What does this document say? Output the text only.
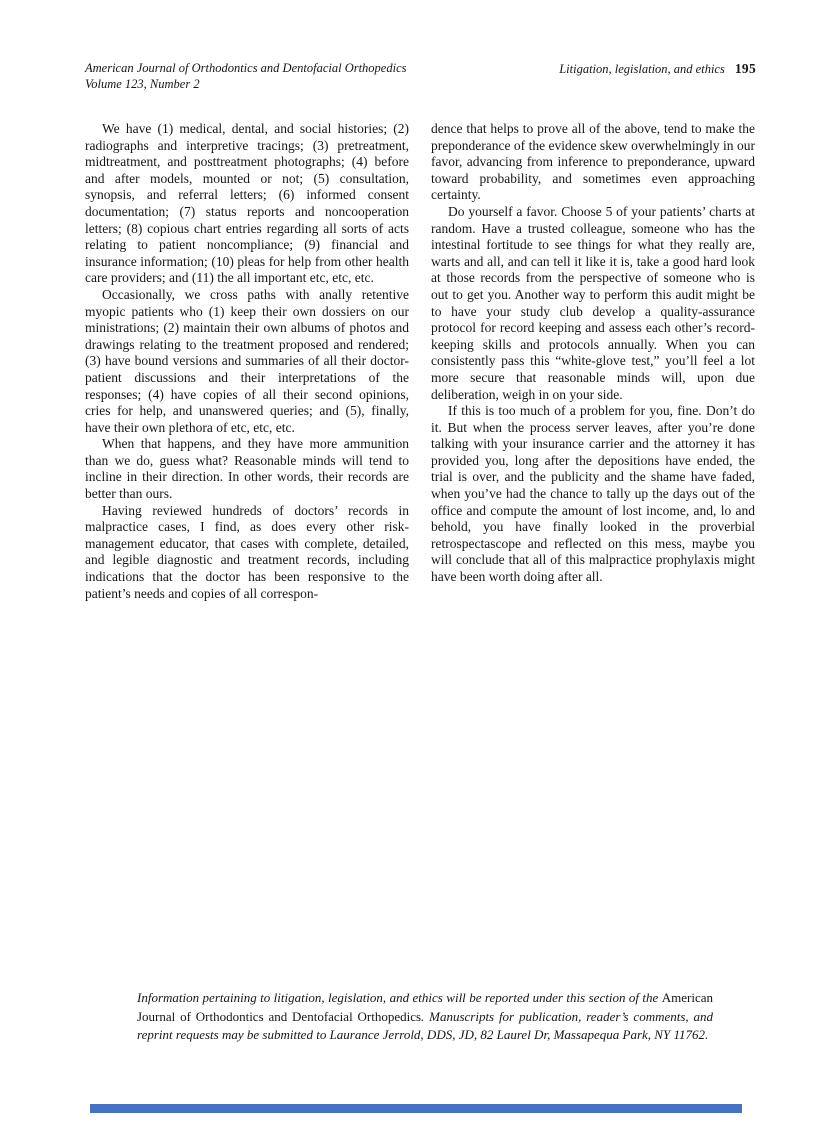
American Journal of Orthodontics and Dentofacial Orthopedics
Volume 123, Number 2
Litigation, legislation, and ethics 195

We have (1) medical, dental, and social histories; (2) radiographs and interpretive tracings; (3) pretreatment, midtreatment, and posttreatment photographs; (4) before and after models, mounted or not; (5) consultation, synopsis, and referral letters; (6) informed consent documentation; (7) status reports and noncooperation letters; (8) copious chart entries regarding all sorts of acts relating to patient noncompliance; (9) financial and insurance information; (10) pleas for help from other health care providers; and (11) the all important etc, etc, etc.

Occasionally, we cross paths with anally retentive myopic patients who (1) keep their own dossiers on our ministrations; (2) maintain their own albums of photos and drawings relating to the treatment proposed and rendered; (3) have bound versions and summaries of all their doctor-patient discussions and their interpretations of the responses; (4) have copies of all their second opinions, cries for help, and unanswered queries; and (5), finally, have their own plethora of etc, etc, etc.

When that happens, and they have more ammunition than we do, guess what? Reasonable minds will tend to incline in their direction. In other words, their records are better than ours.

Having reviewed hundreds of doctors’ records in malpractice cases, I find, as does every other risk-management educator, that cases with complete, detailed, and legible diagnostic and treatment records, including indications that the doctor has been responsive to the patient’s needs and copies of all correspon-

dence that helps to prove all of the above, tend to make the preponderance of the evidence skew overwhelmingly in our favor, advancing from inference to preponderance, upward toward probability, and sometimes even approaching certainty.

Do yourself a favor. Choose 5 of your patients’ charts at random. Have a trusted colleague, someone who has the intestinal fortitude to see things for what they really are, warts and all, and can tell it like it is, take a good hard look at those records from the perspective of someone who is out to get you. Another way to perform this audit might be to have your study club develop a quality-assurance protocol for record keeping and assess each other’s record-keeping skills and protocols annually. When you can consistently pass this “white-glove test,” you’ll feel a lot more secure that reasonable minds will, upon due deliberation, weigh in on your side.

If this is too much of a problem for you, fine. Don’t do it. But when the process server leaves, after you’re done talking with your insurance carrier and the attorney it has provided you, long after the depositions have ended, the trial is over, and the publicity and the shame have faded, when you’ve had the chance to tally up the days out of the office and compute the amount of lost income, and, lo and behold, you have finally looked in the proverbial retrospectascope and reflected on this mess, maybe you will conclude that all of this malpractice prophylaxis might have been worth doing after all.

Information pertaining to litigation, legislation, and ethics will be reported under this section of the American Journal of Orthodontics and Dentofacial Orthopedics. Manuscripts for publication, reader’s comments, and reprint requests may be submitted to Laurance Jerrold, DDS, JD, 82 Laurel Dr, Massapequa Park, NY 11762.
